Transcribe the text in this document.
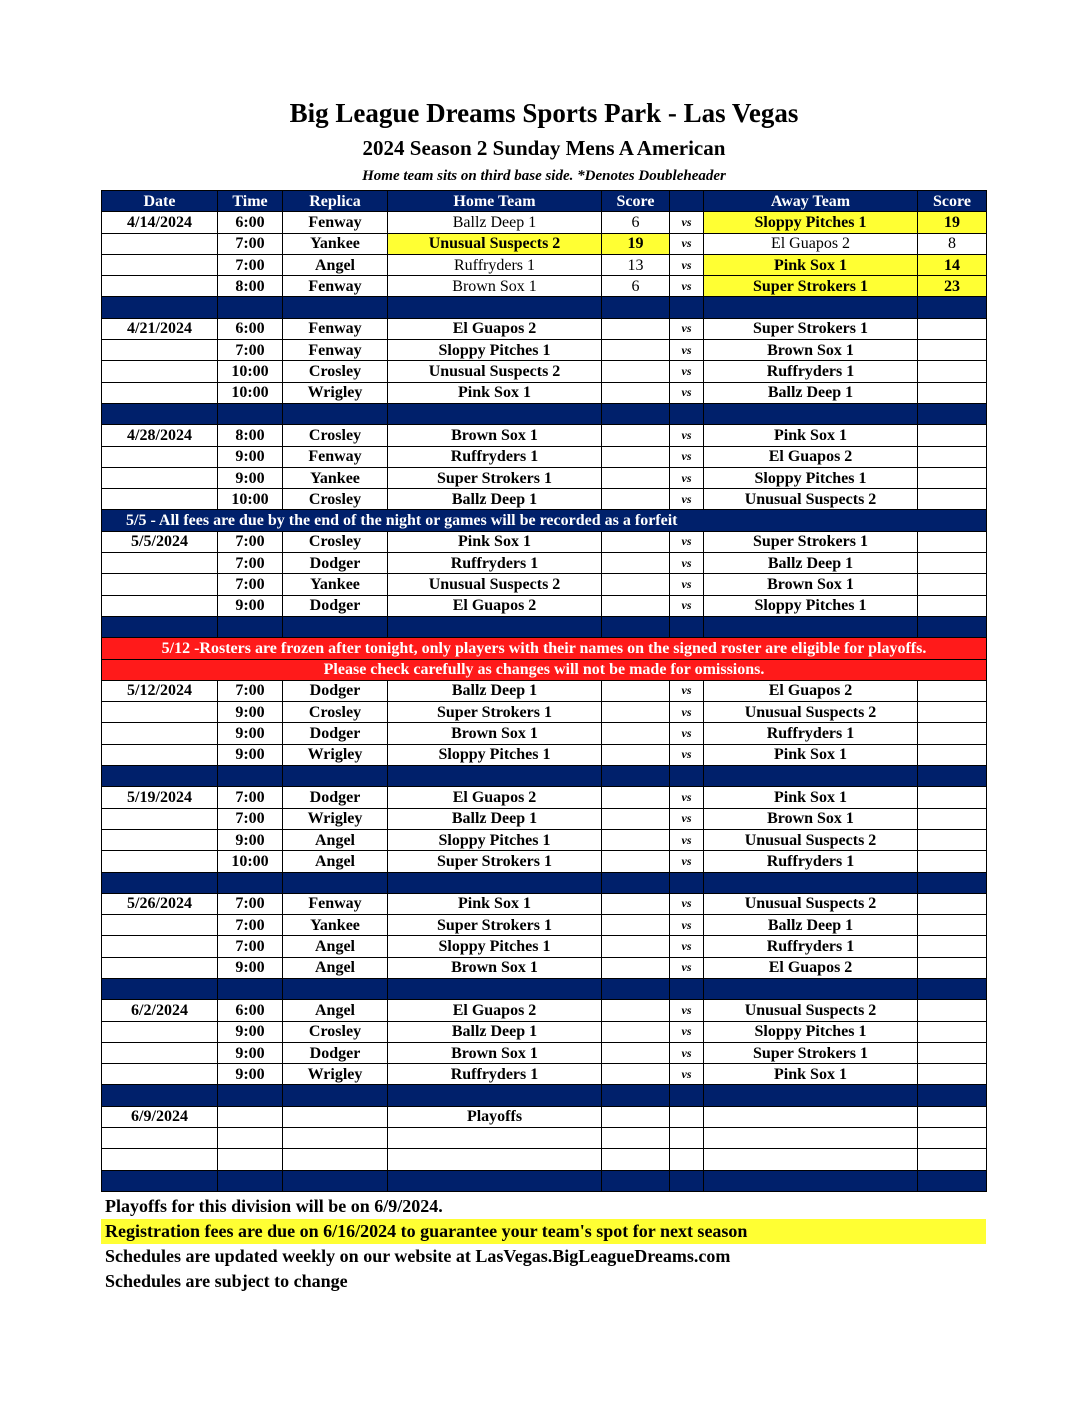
Big League Dreams Sports Park - Las Vegas
2024 Season 2 Sunday Mens A American
Home team sits on third base side. *Denotes Doubleheader
Date	Time	Replica	Home Team	Score		Away Team	Score
4/14/2024	6:00	Fenway	Ballz Deep 1	6	vs	Sloppy Pitches 1	19
	7:00	Yankee	Unusual Suspects 2	19	vs	El Guapos 2	8
	7:00	Angel	Ruffryders 1	13	vs	Pink Sox 1	14
	8:00	Fenway	Brown Sox 1	6	vs	Super Strokers 1	23

4/21/2024	6:00	Fenway	El Guapos 2		vs	Super Strokers 1	
	7:00	Fenway	Sloppy Pitches 1		vs	Brown Sox 1	
	10:00	Crosley	Unusual Suspects 2		vs	Ruffryders 1	
	10:00	Wrigley	Pink Sox 1		vs	Ballz Deep 1	

4/28/2024	8:00	Crosley	Brown Sox 1		vs	Pink Sox 1	
	9:00	Fenway	Ruffryders 1		vs	El Guapos 2	
	9:00	Yankee	Super Strokers 1		vs	Sloppy Pitches 1	
	10:00	Crosley	Ballz Deep 1		vs	Unusual Suspects 2	
5/5 - All fees are due by the end of the night or games will be recorded as a forfeit							
5/5/2024	7:00	Crosley	Pink Sox 1		vs	Super Strokers 1	
	7:00	Dodger	Ruffryders 1		vs	Ballz Deep 1	
	7:00	Yankee	Unusual Suspects 2		vs	Brown Sox 1	
	9:00	Dodger	El Guapos 2		vs	Sloppy Pitches 1	

5/12 -Rosters are frozen after tonight, only players with their names on the signed roster are eligible for playoffs.							
Please check carefully as changes will not be made for omissions.							
5/12/2024	7:00	Dodger	Ballz Deep 1		vs	El Guapos 2	
	9:00	Crosley	Super Strokers 1		vs	Unusual Suspects 2	
	9:00	Dodger	Brown Sox 1		vs	Ruffryders 1	
	9:00	Wrigley	Sloppy Pitches 1		vs	Pink Sox 1	

5/19/2024	7:00	Dodger	El Guapos 2		vs	Pink Sox 1	
	7:00	Wrigley	Ballz Deep 1		vs	Brown Sox 1	
	9:00	Angel	Sloppy Pitches 1		vs	Unusual Suspects 2	
	10:00	Angel	Super Strokers 1		vs	Ruffryders 1	

5/26/2024	7:00	Fenway	Pink Sox 1		vs	Unusual Suspects 2	
	7:00	Yankee	Super Strokers 1		vs	Ballz Deep 1	
	7:00	Angel	Sloppy Pitches 1		vs	Ruffryders 1	
	9:00	Angel	Brown Sox 1		vs	El Guapos 2	

6/2/2024	6:00	Angel	El Guapos 2		vs	Unusual Suspects 2	
	9:00	Crosley	Ballz Deep 1		vs	Sloppy Pitches 1	
	9:00	Dodger	Brown Sox 1		vs	Super Strokers 1	
	9:00	Wrigley	Ruffryders 1		vs	Pink Sox 1	

6/9/2024			Playoffs				

Playoffs for this division will be on 6/9/2024.
Registration fees are due on 6/16/2024 to guarantee your team's spot for next season
Schedules are updated weekly on our website at LasVegas.BigLeagueDreams.com
Schedules are subject to change
